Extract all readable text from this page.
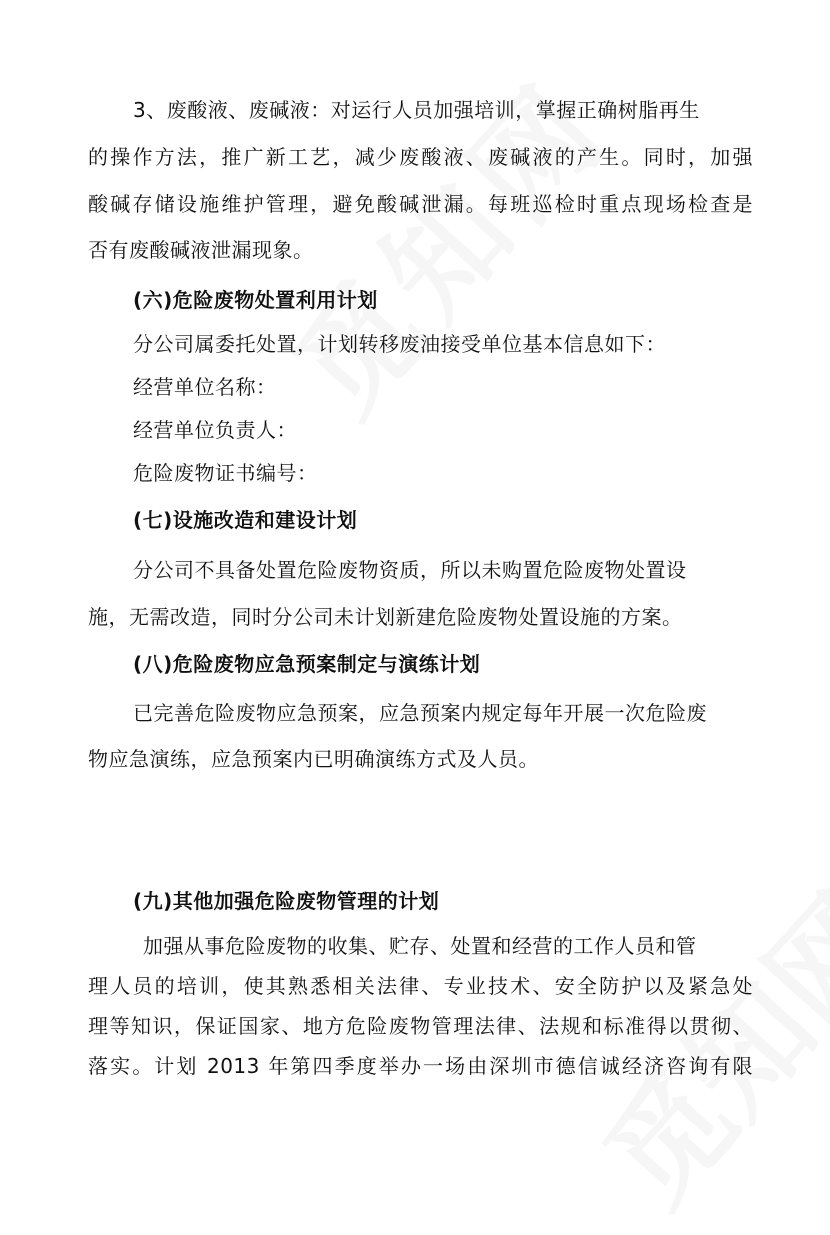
3、废酸液、废碱液：对运行人员加强培训，掌握正确树脂再生
的操作方法，推广新工艺，减少废酸液、废碱液的产生。同时，加强
酸碱存储设施维护管理，避免酸碱泄漏。每班巡检时重点现场检查是
否有废酸碱液泄漏现象。
(六)危险废物处置利用计划
分公司属委托处置，计划转移废油接受单位基本信息如下：
经营单位名称：
经营单位负责人：
危险废物证书编号：
(七)设施改造和建设计划
分公司不具备处置危险废物资质，所以未购置危险废物处置设
施，无需改造，同时分公司未计划新建危险废物处置设施的方案。
(八)危险废物应急预案制定与演练计划
已完善危险废物应急预案，应急预案内规定每年开展一次危险废
物应急演练，应急预案内已明确演练方式及人员。
(九)其他加强危险废物管理的计划
加强从事危险废物的收集、贮存、处置和经营的工作人员和管
理人员的培训，使其熟悉相关法律、专业技术、安全防护以及紧急处
理等知识，保证国家、地方危险废物管理法律、法规和标准得以贯彻、
落实。计划 2013 年第四季度举办一场由深圳市德信诚经济咨询有限
